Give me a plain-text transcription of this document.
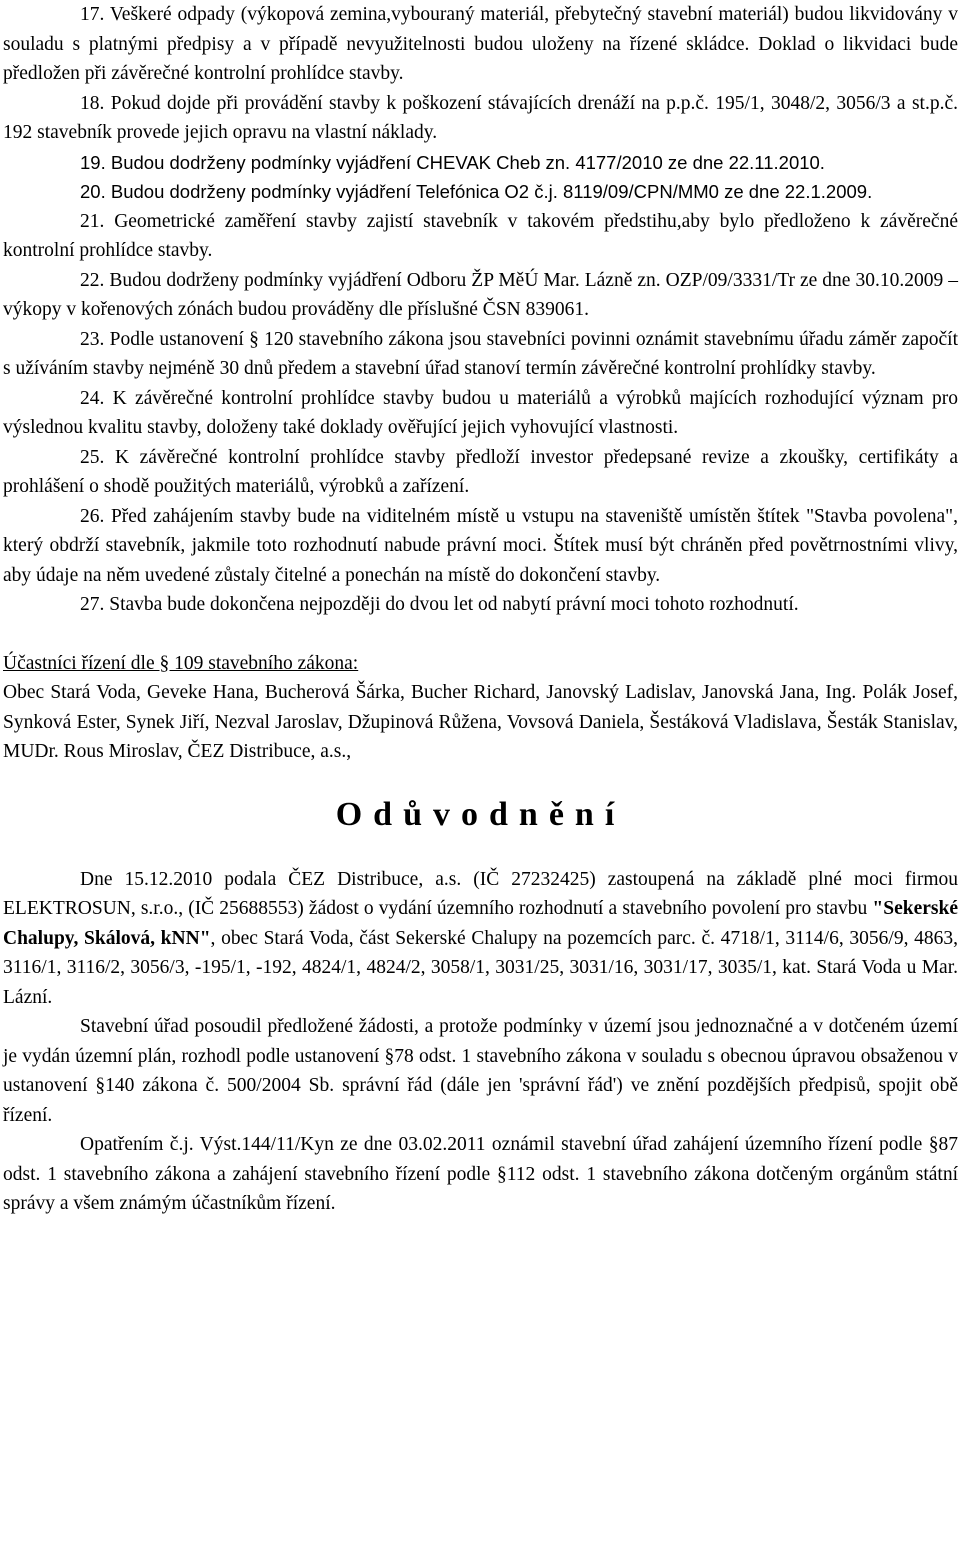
17. Veškeré odpady (výkopová zemina,vybouraný materiál, přebytečný stavební materiál) budou likvidovány v souladu s platnými předpisy a v případě nevyužitelnosti budou uloženy na řízené skládce. Doklad o likvidaci bude předložen při závěrečné kontrolní prohlídce stavby.

18. Pokud dojde při provádění stavby k poškození stávajících drenáží na p.p.č. 195/1, 3048/2, 3056/3 a st.p.č. 192 stavebník provede jejich opravu na vlastní náklady.

19. Budou dodrženy podmínky vyjádření CHEVAK Cheb zn. 4177/2010 ze dne 22.11.2010.

20. Budou dodrženy podmínky vyjádření Telefónica O2 č.j. 8119/09/CPN/MM0 ze dne 22.1.2009.

21. Geometrické zaměření stavby zajistí stavebník v takovém předstihu,aby bylo předloženo k závěrečné kontrolní prohlídce stavby.

22. Budou dodrženy podmínky vyjádření Odboru ŽP MěÚ Mar. Lázně zn. OZP/09/3331/Tr ze dne 30.10.2009 – výkopy v kořenových zónách budou prováděny dle příslušné ČSN 839061.

23. Podle ustanovení § 120 stavebního zákona jsou stavebníci povinni oznámit stavebnímu úřadu záměr započít s užíváním stavby nejméně 30 dnů předem a stavební úřad stanoví termín závěrečné kontrolní prohlídky stavby.

24. K závěrečné kontrolní prohlídce stavby budou u materiálů a výrobků majících rozhodující význam pro výslednou kvalitu stavby, doloženy také doklady ověřující jejich vyhovující vlastnosti.

25. K závěrečné kontrolní prohlídce stavby předloží investor předepsané revize a zkoušky, certifikáty a prohlášení o shodě použitých materiálů, výrobků a zařízení.

26. Před zahájením stavby bude na viditelném místě u vstupu na staveniště umístěn štítek "Stavba povolena", který obdrží stavebník, jakmile toto rozhodnutí nabude právní moci. Štítek musí být chráněn před povětrnostními vlivy, aby údaje na něm uvedené zůstaly čitelné a ponechán na místě do dokončení stavby.

27. Stavba bude dokončena nejpozději do dvou let od nabytí právní moci tohoto rozhodnutí.

Účastníci řízení dle § 109 stavebního zákona:

Obec Stará Voda, Geveke Hana, Bucherová Šárka, Bucher Richard, Janovský Ladislav, Janovská Jana, Ing. Polák Josef, Synková Ester, Synek Jiří, Nezval Jaroslav, Džupinová Růžena, Vovsová Daniela, Šestáková Vladislava, Šesták Stanislav, MUDr. Rous Miroslav, ČEZ Distribuce, a.s.,

Odůvodnění

Dne 15.12.2010 podala ČEZ Distribuce, a.s. (IČ 27232425) zastoupená na základě plné moci firmou ELEKTROSUN, s.r.o., (IČ 25688553) žádost o vydání územního rozhodnutí a stavebního povolení pro stavbu "Sekerské Chalupy, Skálová, kNN", obec Stará Voda, část Sekerské Chalupy na pozemcích parc. č. 4718/1, 3114/6, 3056/9, 4863, 3116/1, 3116/2, 3056/3, -195/1, -192, 4824/1, 4824/2, 3058/1, 3031/25, 3031/16, 3031/17, 3035/1, kat. Stará Voda u Mar. Lázní.

Stavební úřad posoudil předložené žádosti, a protože podmínky v území jsou jednoznačné a v dotčeném území je vydán územní plán, rozhodl podle ustanovení §78 odst. 1 stavebního zákona v souladu s obecnou úpravou obsaženou v ustanovení §140 zákona č. 500/2004 Sb. správní řád (dále jen 'správní řád') ve znění pozdějších předpisů, spojit obě řízení.

Opatřením č.j. Výst.144/11/Kyn ze dne 03.02.2011 oznámil stavební úřad zahájení územního řízení podle §87 odst. 1 stavebního zákona a zahájení stavebního řízení podle §112 odst. 1 stavebního zákona dotčeným orgánům státní správy a všem známým účastníkům řízení.
